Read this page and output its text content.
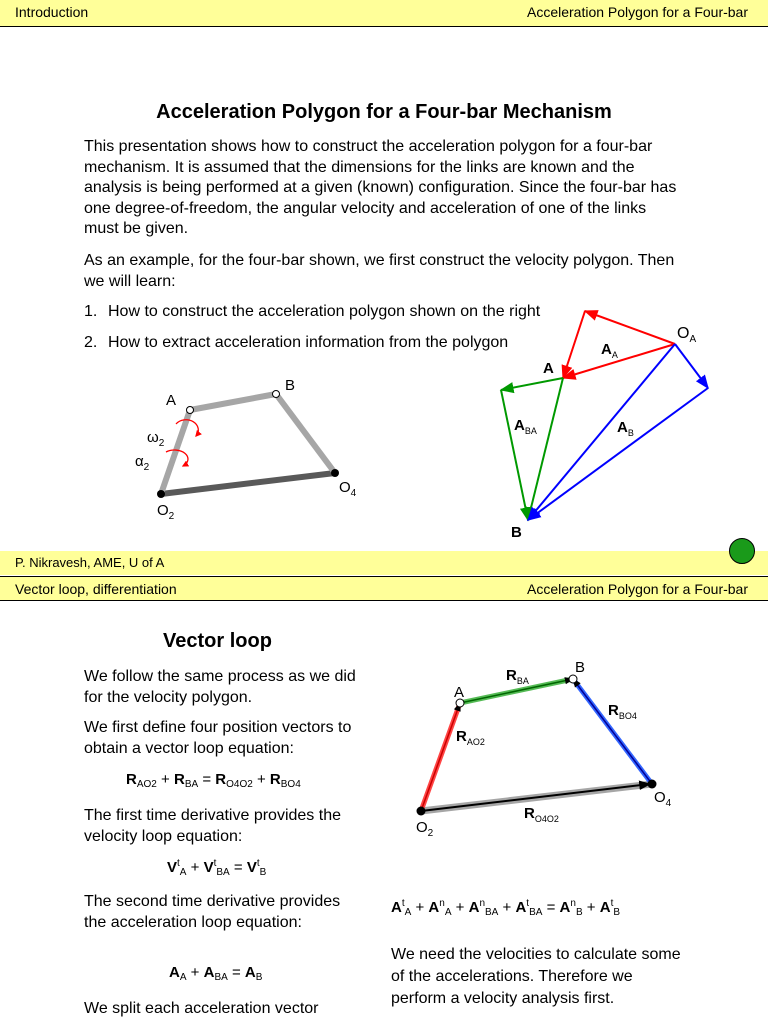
Introduction	Acceleration Polygon for a Four-bar
Acceleration Polygon for a Four-bar Mechanism
This presentation shows how to construct the acceleration polygon for a four-bar mechanism. It is assumed that the dimensions for the links are known and the analysis is being performed at a given (known) configuration. Since the four-bar has one degree-of-freedom, the angular velocity and acceleration of one of the links must be given.
As an example, for the four-bar shown, we first construct the velocity polygon. Then we will learn:
1. How to construct the acceleration polygon shown on the right
2. How to extract acceleration information from the polygon
A
B
$O_2$
$O_4$
$\omega_2$
$\alpha_2$
$O_A$
A
B
$A_A$
$A_{BA}$	$A_B$
P. Nikravesh, AME, U of A
Vector loop, differentiation	Acceleration Polygon for a Four-bar
Vector loop
We follow the same process as we did for the velocity polygon.
We first define four position vectors to obtain a vector loop equation:
$R_{AO2} + R_{BA} = R_{O4O2} + R_{BO4}$
The first time derivative provides the velocity loop equation:
$V^t_A + V^t_{BA} = V^t_B$
The second time derivative provides the acceleration loop equation:
$A_A + A_{BA} = A_B$
We split each acceleration vector
$A^t_A + A^n_A + A^n_{BA} + A^t_{BA} = A^n_B + A^t_B$
We need the velocities to calculate some of the accelerations. Therefore we perform a velocity analysis first.
A
B
$O_2$
$O_4$
$R_{BA}$
$R_{BO4}$
$R_{AO2}$
$R_{O4O2}$
